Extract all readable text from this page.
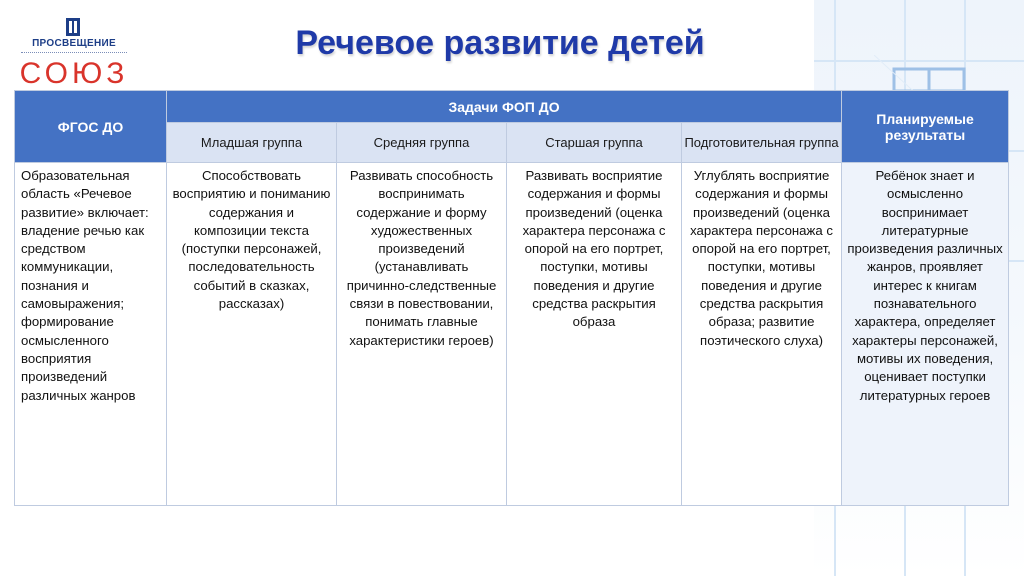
ПРОСВЕЩЕНИЕ
СОЮЗ
Речевое развитие детей
ФГОС ДО	Задачи ФОП ДО				Планируемые результаты
	Младшая группа	Средняя группа	Старшая группа	Подготовительная группа	
Образовательная область «Речевое развитие» включает: владение речью как средством коммуникации, познания и самовыражения; формирование осмысленного восприятия произведений различных жанров	Способствовать восприятию и пониманию содержания и композиции текста (поступки персонажей, последовательность событий в сказках, рассказах)	Развивать способность воспринимать содержание и форму художественных произведений (устанавливать причинно-следственные связи в повествовании, понимать главные характеристики героев)	Развивать восприятие содержания и формы произведений (оценка характера персонажа с опорой на его портрет, поступки, мотивы поведения и другие средства раскрытия образа	Углублять восприятие содержания и формы произведений (оценка характера персонажа с опорой на его портрет, поступки, мотивы поведения и другие средства раскрытия образа; развитие поэтического слуха)	Ребёнок знает и осмысленно воспринимает литературные произведения различных жанров, проявляет интерес к книгам познавательного характера, определяет характеры персонажей, мотивы их поведения, оценивает поступки литературных героев
